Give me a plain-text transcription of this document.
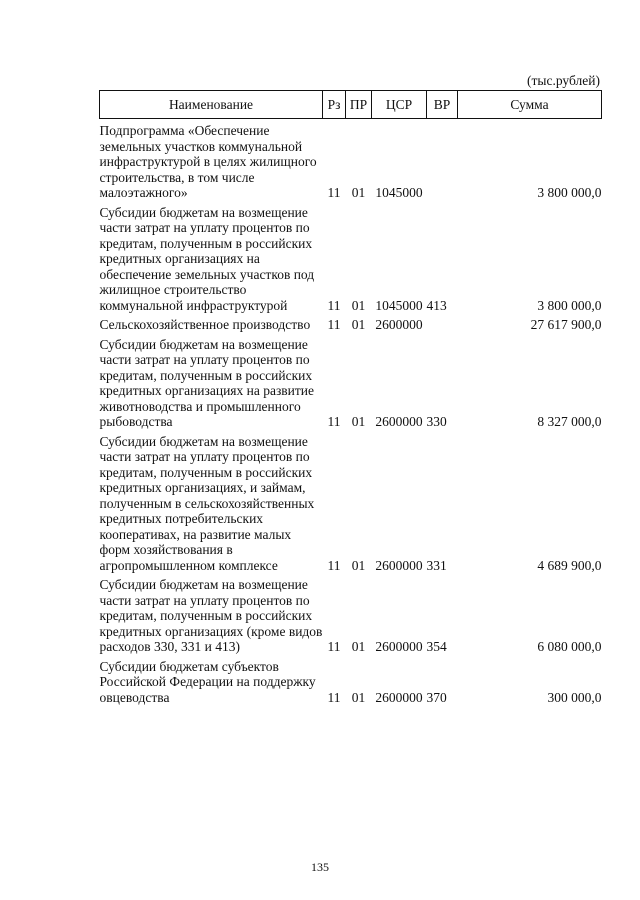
(тыс.рублей)
Наименование	Рз	ПР	ЦСР	ВР	Сумма

Подпрограмма «Обеспечение земельных участков коммунальной инфраструктурой в целях жилищного строительства, в том числе малоэтажного»	11	01	1045000		3 800 000,0

Субсидии бюджетам на возмещение части затрат на уплату процентов по кредитам, полученным в российских кредитных организациях на обеспечение земельных участков под жилищное строительство коммунальной инфраструктурой	11	01	1045000	413	3 800 000,0

Сельскохозяйственное производство	11	01	2600000		27 617 900,0

Субсидии бюджетам на возмещение части затрат на уплату процентов по кредитам, полученным в российских кредитных организациях на развитие животноводства и промышленного рыбоводства	11	01	2600000	330	8 327 000,0

Субсидии бюджетам на возмещение части затрат на уплату процентов по кредитам, полученным в российских кредитных организациях, и займам, полученным в сельскохозяйственных кредитных потребительских кооперативах, на развитие малых форм хозяйствования в агропромышленном комплексе	11	01	2600000	331	4 689 900,0

Субсидии бюджетам на возмещение части затрат на уплату процентов по кредитам, полученным в российских кредитных организациях (кроме видов расходов 330, 331 и 413)	11	01	2600000	354	6 080 000,0

Субсидии бюджетам субъектов Российской Федерации на поддержку овцеводства	11	01	2600000	370	300 000,0
135
